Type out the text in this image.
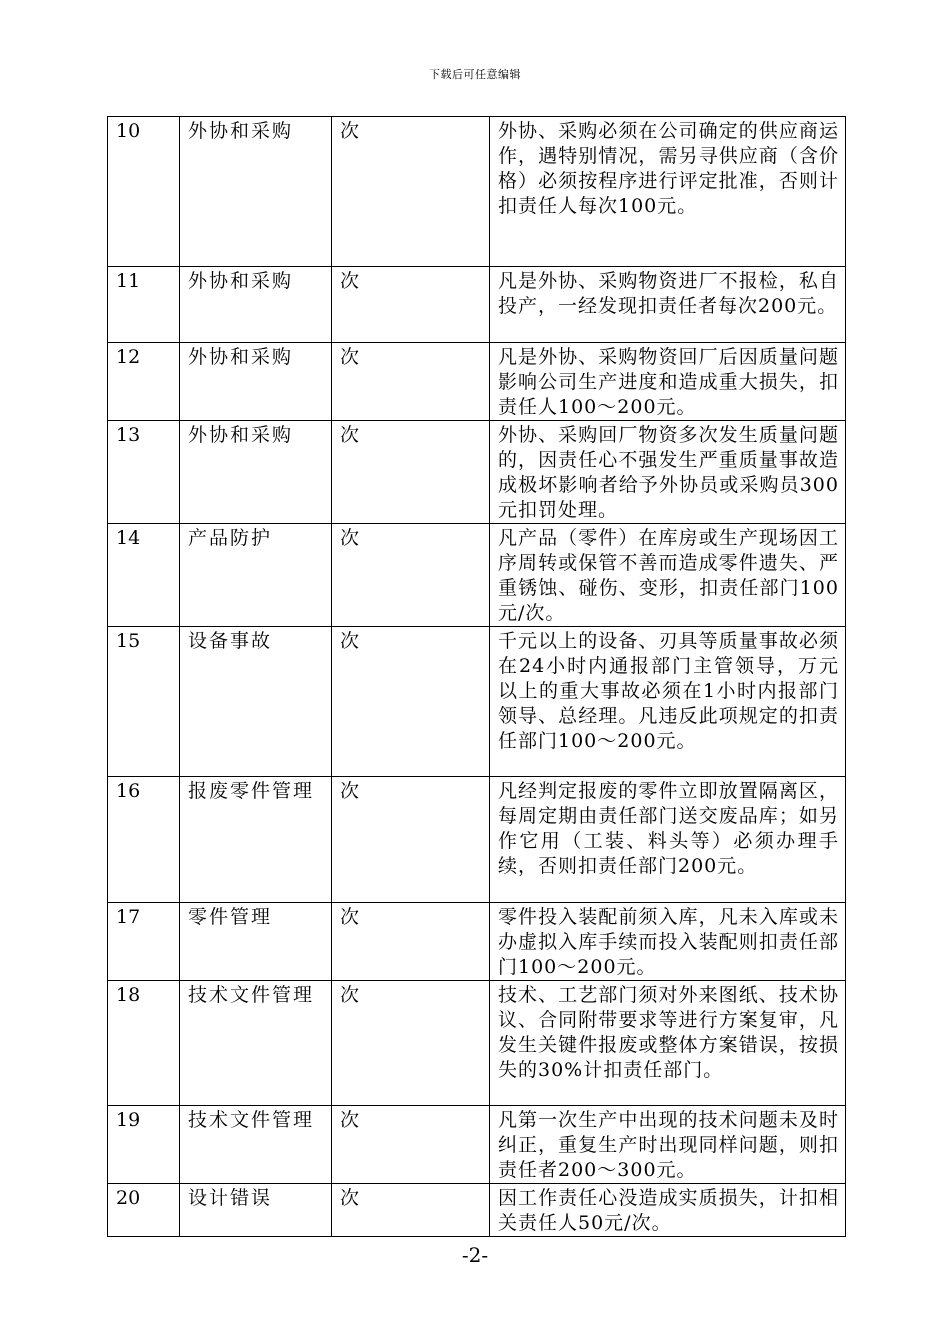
下载后可任意编辑
10	外协和采购	次	外协、采购必须在公司确定的供应商运作，遇特别情况，需另寻供应商（含价格）必须按程序进行评定批准，否则计扣责任人每次100元。
11	外协和采购	次	凡是外协、采购物资进厂不报检，私自投产，一经发现扣责任者每次200元。
12	外协和采购	次	凡是外协、采购物资回厂后因质量问题影响公司生产进度和造成重大损失，扣责任人100～200元。
13	外协和采购	次	外协、采购回厂物资多次发生质量问题的，因责任心不强发生严重质量事故造成极坏影响者给予外协员或采购员300元扣罚处理。
14	产品防护	次	凡产品（零件）在库房或生产现场因工序周转或保管不善而造成零件遗失、严重锈蚀、碰伤、变形，扣责任部门100元/次。
15	设备事故	次	千元以上的设备、刃具等质量事故必须在24小时内通报部门主管领导，万元以上的重大事故必须在1小时内报部门领导、总经理。凡违反此项规定的扣责任部门100～200元。
16	报废零件管理	次	凡经判定报废的零件立即放置隔离区，每周定期由责任部门送交废品库；如另作它用（工装、料头等）必须办理手续，否则扣责任部门200元。
17	零件管理	次	零件投入装配前须入库，凡未入库或未办虚拟入库手续而投入装配则扣责任部门100～200元。
18	技术文件管理	次	技术、工艺部门须对外来图纸、技术协议、合同附带要求等进行方案复审，凡发生关键件报废或整体方案错误，按损失的30%计扣责任部门。
19	技术文件管理	次	凡第一次生产中出现的技术问题未及时纠正，重复生产时出现同样问题，则扣责任者200～300元。
20	设计错误	次	因工作责任心没造成实质损失，计扣相关责任人50元/次。
-2-
